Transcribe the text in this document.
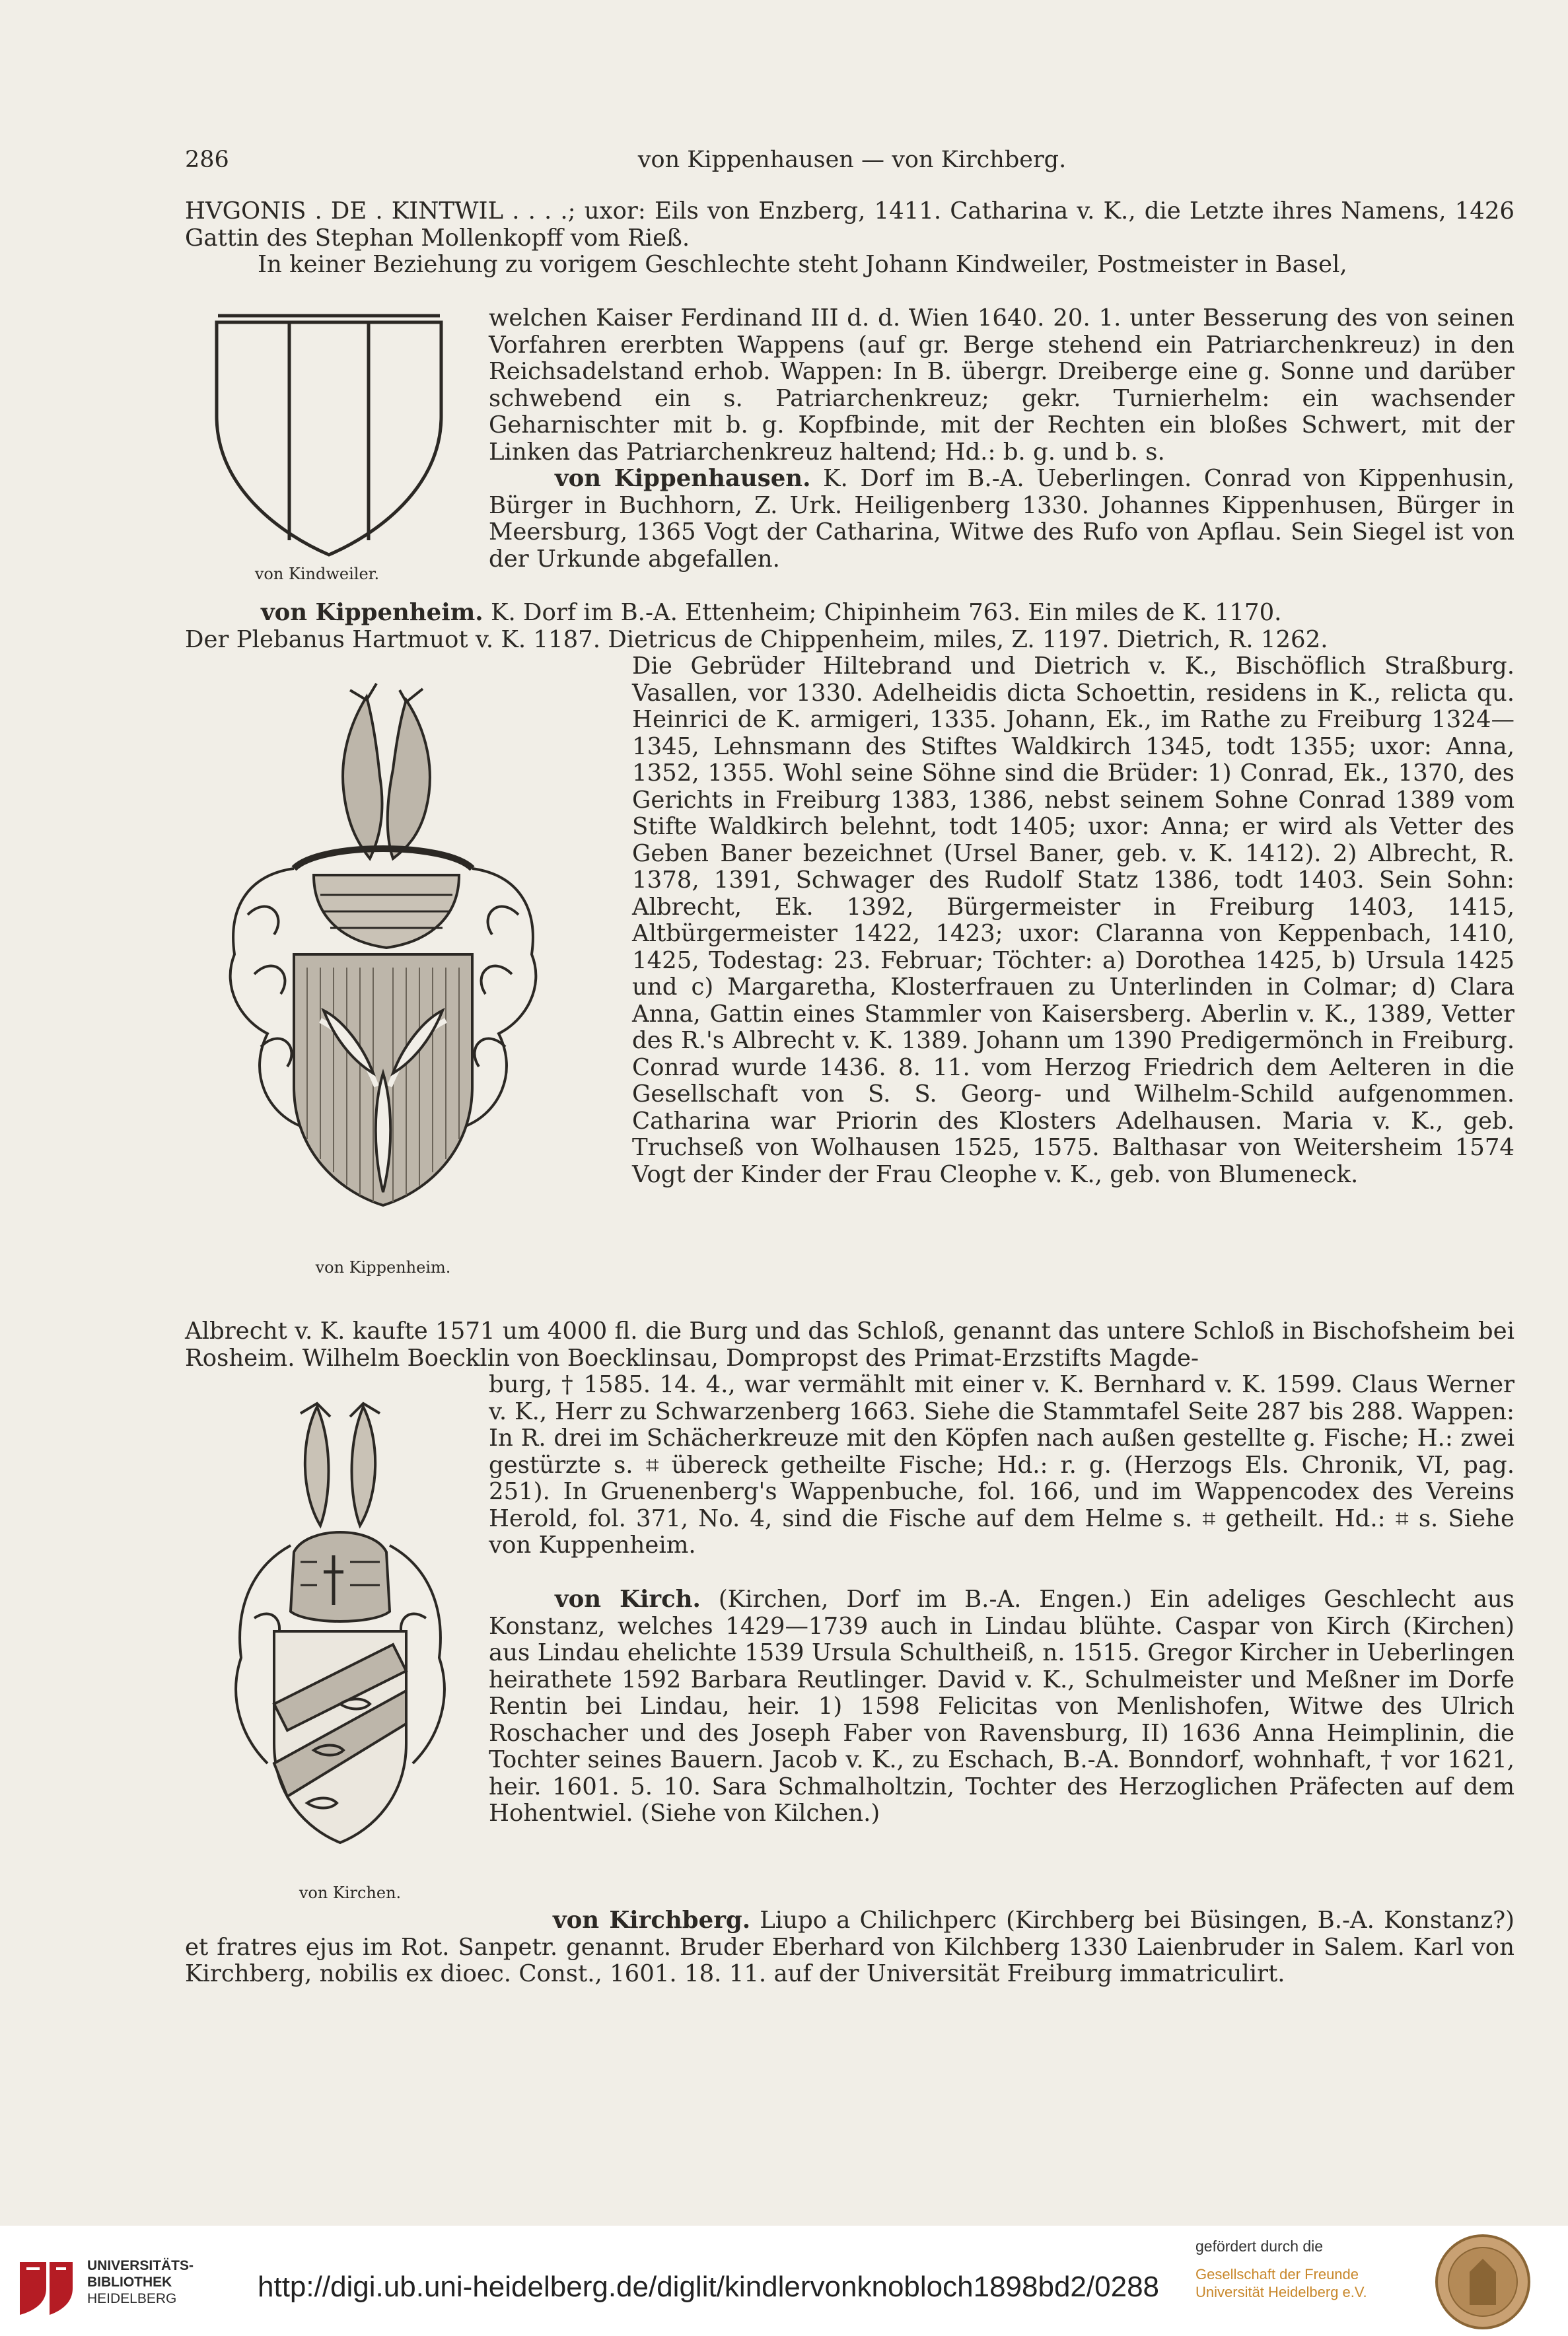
286	von Kippenhausen — von Kirchberg.

HVGONIS . DE . KINTWIL . . . .; uxor: Eils von Enzberg, 1411. Catharina v. K., die Letzte ihres Namens, 1426 Gattin des Stephan Mollenkopff vom Rieß.

In keiner Beziehung zu vorigem Geschlechte steht Johann Kindweiler, Postmeister in Basel,

von Kindweiler.

welchen Kaiser Ferdinand III d. d. Wien 1640. 20. 1. unter Besserung des von seinen Vorfahren ererbten Wappens (auf gr. Berge stehend ein Patriarchenkreuz) in den Reichsadelstand erhob. Wappen: In B. übergr. Dreiberge eine g. Sonne und darüber schwebend ein s. Patriarchenkreuz; gekr. Turnierhelm: ein wachsender Geharnischter mit b. g. Kopfbinde, mit der Rechten ein bloßes Schwert, mit der Linken das Patriarchenkreuz haltend; Hd.: b. g. und b. s.

von Kippenhausen. K. Dorf im B.-A. Ueberlingen. Conrad von Kippenhusin, Bürger in Buchhorn, Z. Urk. Heiligenberg 1330. Johannes Kippenhusen, Bürger in Meersburg, 1365 Vogt der Catharina, Witwe des Rufo von Apflau. Sein Siegel ist von der Urkunde abgefallen.

von Kippenheim. K. Dorf im B.-A. Ettenheim; Chipinheim 763. Ein miles de K. 1170.

Der Plebanus Hartmuot v. K. 1187. Dietricus de Chippenheim, miles, Z. 1197. Dietrich, R. 1262.

von Kippenheim.

Die Gebrüder Hiltebrand und Dietrich v. K., Bischöflich Straßburg. Vasallen, vor 1330. Adelheidis dicta Schoettin, residens in K., relicta qu. Heinrici de K. armigeri, 1335. Johann, Ek., im Rathe zu Freiburg 1324—1345, Lehnsmann des Stiftes Waldkirch 1345, todt 1355; uxor: Anna, 1352, 1355. Wohl seine Söhne sind die Brüder: 1) Conrad, Ek., 1370, des Gerichts in Freiburg 1383, 1386, nebst seinem Sohne Conrad 1389 vom Stifte Waldkirch belehnt, todt 1405; uxor: Anna; er wird als Vetter des Geben Baner bezeichnet (Ursel Baner, geb. v. K. 1412). 2) Albrecht, R. 1378, 1391, Schwager des Rudolf Statz 1386, todt 1403. Sein Sohn: Albrecht, Ek. 1392, Bürgermeister in Freiburg 1403, 1415, Altbürgermeister 1422, 1423; uxor: Claranna von Keppenbach, 1410, 1425, Todestag: 23. Februar; Töchter: a) Dorothea 1425, b) Ursula 1425 und c) Margaretha, Klosterfrauen zu Unterlinden in Colmar; d) Clara Anna, Gattin eines Stammler von Kaisersberg. Aberlin v. K., 1389, Vetter des R.'s Albrecht v. K. 1389. Johann um 1390 Predigermönch in Freiburg. Conrad wurde 1436. 8. 11. vom Herzog Friedrich dem Aelteren in die Gesellschaft von S. S. Georg- und Wilhelm-Schild aufgenommen. Catharina war Priorin des Klosters Adelhausen. Maria v. K., geb. Truchseß von Wolhausen 1525, 1575. Balthasar von Weitersheim 1574 Vogt der Kinder der Frau Cleophe v. K., geb. von Blumeneck.

Albrecht v. K. kaufte 1571 um 4000 fl. die Burg und das Schloß, genannt das untere Schloß in Bischofsheim bei Rosheim. Wilhelm Boecklin von Boecklinsau, Dompropst des Primat-Erzstifts Magde-

von Kirchen.

burg, † 1585. 14. 4., war vermählt mit einer v. K. Bernhard v. K. 1599. Claus Werner v. K., Herr zu Schwarzenberg 1663. Siehe die Stammtafel Seite 287 bis 288. Wappen: In R. drei im Schächerkreuze mit den Köpfen nach außen gestellte g. Fische; H.: zwei gestürzte s. ⌗ übereck getheilte Fische; Hd.: r. g. (Herzogs Els. Chronik, VI, pag. 251). In Gruenenberg's Wappenbuche, fol. 166, und im Wappencodex des Vereins Herold, fol. 371, No. 4, sind die Fische auf dem Helme s. ⌗ getheilt. Hd.: ⌗ s. Siehe von Kuppenheim.

von Kirch. (Kirchen, Dorf im B.-A. Engen.) Ein adeliges Geschlecht aus Konstanz, welches 1429—1739 auch in Lindau blühte. Caspar von Kirch (Kirchen) aus Lindau ehelichte 1539 Ursula Schultheiß, n. 1515. Gregor Kircher in Ueberlingen heirathete 1592 Barbara Reutlinger. David v. K., Schulmeister und Meßner im Dorfe Rentin bei Lindau, heir. 1) 1598 Felicitas von Menlishofen, Witwe des Ulrich Roschacher und des Joseph Faber von Ravensburg, II) 1636 Anna Heimplinin, die Tochter seines Bauern. Jacob v. K., zu Eschach, B.-A. Bonndorf, wohnhaft, † vor 1621, heir. 1601. 5. 10. Sara Schmalholtzin, Tochter des Herzoglichen Präfecten auf dem Hohentwiel. (Siehe von Kilchen.)

von Kirchberg. Liupo a Chilichperc (Kirchberg bei Büsingen, B.-A. Konstanz?) et fratres ejus im Rot. Sanpetr. genannt. Bruder Eberhard von Kilchberg 1330 Laienbruder in Salem. Karl von Kirchberg, nobilis ex dioec. Const., 1601. 18. 11. auf der Universität Freiburg immatriculirt.

UNIVERSITÄTS-
BIBLIOTHEK
HEIDELBERG	http://digi.ub.uni-heidelberg.de/diglit/kindlervonknobloch1898bd2/0288
gefördert durch die
Gesellschaft der Freunde
Universität Heidelberg e.V.
